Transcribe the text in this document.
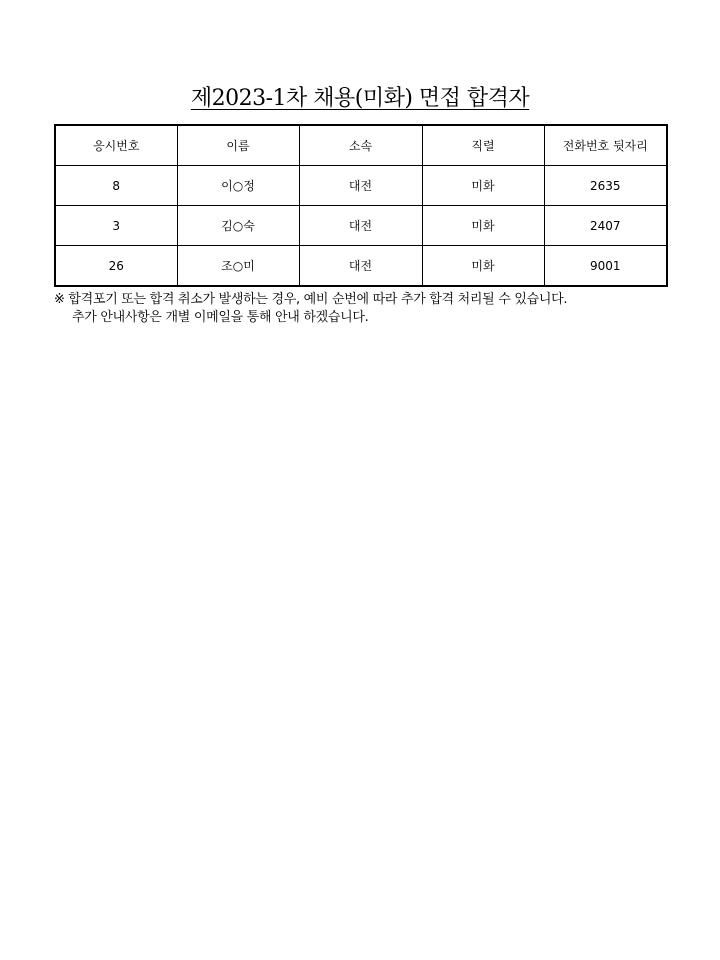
제2023-1차 채용(미화) 면접 합격자
응시번호	이름	소속	직렬	전화번호 뒷자리
8	이○정	대전	미화	2635
3	김○숙	대전	미화	2407
26	조○미	대전	미화	9001
※ 합격포기 또는 합격 취소가 발생하는 경우, 예비 순번에 따라 추가 합격 처리될 수 있습니다.
추가 안내사항은 개별 이메일을 통해 안내 하겠습니다.
